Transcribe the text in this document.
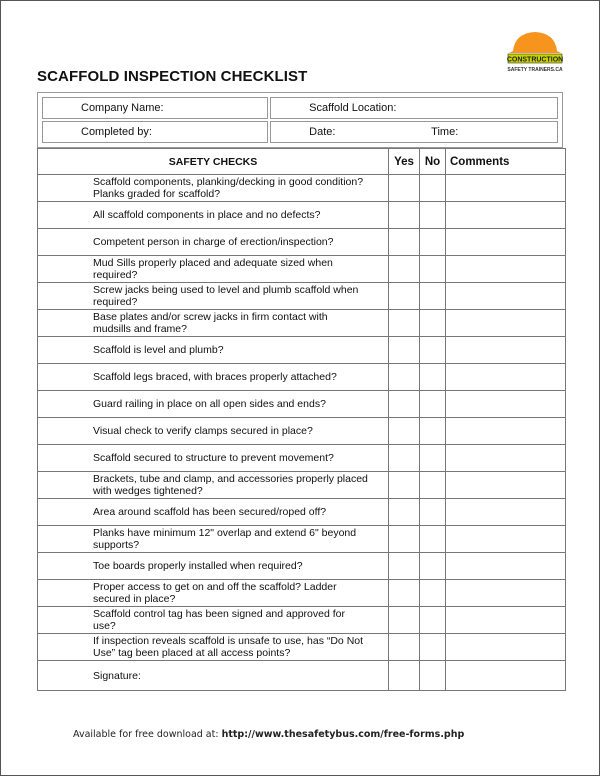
CONSTRUCTION
SAFETY TRAINERS.CA
SCAFFOLD INSPECTION CHECKLIST
Company Name:	Scaffold Location:
Completed by:	Date: Time:
SAFETY CHECKS	Yes	No	Comments
Scaffold components, planking/decking in good condition? Planks graded for scaffold?			
All scaffold components in place and no defects?			
Competent person in charge of erection/inspection?			
Mud Sills properly placed and adequate sized when required?			
Screw jacks being used to level and plumb scaffold when required?			
Base plates and/or screw jacks in firm contact with mudsills and frame?			
Scaffold is level and plumb?			
Scaffold legs braced, with braces properly attached?			
Guard railing in place on all open sides and ends?			
Visual check to verify clamps secured in place?			
Scaffold secured to structure to prevent movement?			
Brackets, tube and clamp, and accessories properly placed with wedges tightened?			
Area around scaffold has been secured/roped off?			
Planks have minimum 12" overlap and extend 6" beyond supports?			
Toe boards properly installed when required?			
Proper access to get on and off the scaffold? Ladder secured in place?			
Scaffold control tag has been signed and approved for use?			
If inspection reveals scaffold is unsafe to use, has “Do Not Use” tag been placed at all access points?			
Signature:			
Available for free download at: http://www.thesafetybus.com/free-forms.php
